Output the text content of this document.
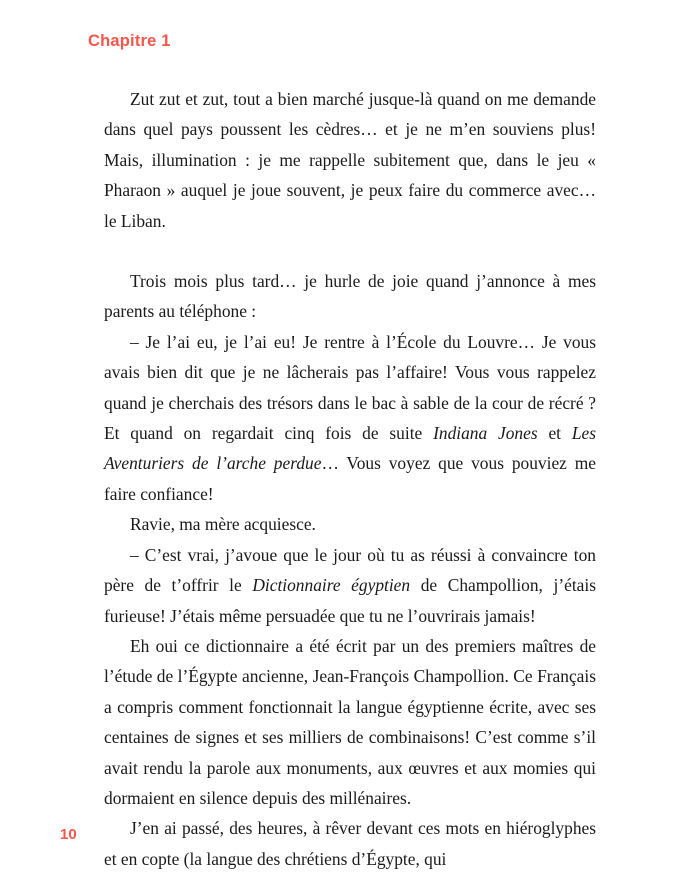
Chapitre 1

Zut zut et zut, tout a bien marché jusque-là quand on me demande dans quel pays poussent les cèdres… et je ne m’en souviens plus! Mais, illumination : je me rappelle subitement que, dans le jeu « Pharaon » auquel je joue souvent, je peux faire du commerce avec… le Liban.

Trois mois plus tard… je hurle de joie quand j’annonce à mes parents au téléphone :

– Je l’ai eu, je l’ai eu! Je rentre à l’École du Louvre… Je vous avais bien dit que je ne lâcherais pas l’affaire! Vous vous rappelez quand je cherchais des trésors dans le bac à sable de la cour de récré ? Et quand on regardait cinq fois de suite Indiana Jones et Les Aventuriers de l’arche perdue… Vous voyez que vous pouviez me faire confiance!

Ravie, ma mère acquiesce.

– C’est vrai, j’avoue que le jour où tu as réussi à convaincre ton père de t’offrir le Dictionnaire égyptien de Champollion, j’étais furieuse! J’étais même persuadée que tu ne l’ouvrirais jamais!

Eh oui ce dictionnaire a été écrit par un des premiers maîtres de l’étude de l’Égypte ancienne, Jean-François Champollion. Ce Français a compris comment fonctionnait la langue égyptienne écrite, avec ses centaines de signes et ses milliers de combinaisons! C’est comme s’il avait rendu la parole aux monuments, aux œuvres et aux momies qui dormaient en silence depuis des millénaires.

J’en ai passé, des heures, à rêver devant ces mots en hiéroglyphes et en copte (la langue des chrétiens d’Égypte, qui

10
